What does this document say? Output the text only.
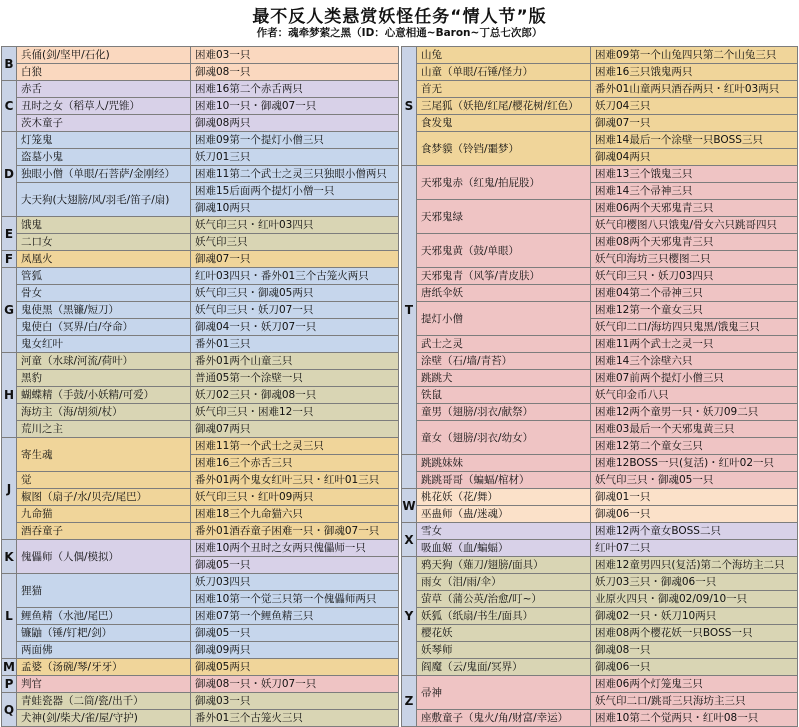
最不反人类悬赏妖怪任务“情人节”版
作者：魂牵梦萦之黑（ID：心意相通~Baron~丁总七次郎）
B	兵俑(剑/坚甲/石化)	困难03一只
	白狼	御魂08一只
C	赤舌	困难16第二个赤舌两只
	丑时之女（稻草人/咒锥）	困难10一只・御魂07一只
	茨木童子	御魂08两只
D	灯笼鬼	困难09第一个提灯小僧三只
	盗墓小鬼	妖刀01三只
	独眼小僧（单眼/石菩萨/金刚经）	困难11第二个武士之灵三只独眼小僧两只
	大天狗(大翅膀/风/羽毛/笛子/扇)	困难15后面两个提灯小僧一只
		御魂10两只
E	饿鬼	妖气印三只・红叶03四只
	二口女	妖气印三只
F	凤凰火	御魂07一只
G	管狐	红叶03四只・番外01三个古笼火两只
	骨女	妖气印三只・御魂05两只
	鬼使黑（黑镰/短刀）	妖气印三只・妖刀07一只
	鬼使白（冥界/白/夺命）	御魂04一只・妖刀07一只
	鬼女红叶	番外01三只
H	河童（水球/河流/荷叶）	番外01两个山童三只
	黑豹	普通05第一个涂壁一只
	蝴蝶精（手鼓/小妖精/可爱）	妖刀02三只・御魂08一只
	海坊主（海/胡须/杖）	妖气印三只・困难12一只
	荒川之主	御魂07两只
J	寄生魂	困难11第一个武士之灵三只
		困难16三个赤舌三只
	觉	番外01两个鬼女红叶三只・红叶01三只
	椒图（扇子/水/贝壳/尾巴）	妖气印三只・红叶09两只
	九命猫	困难18三个九命猫六只
	酒吞童子	番外01酒吞童子困难一只・御魂07一只
K	傀儡师（人偶/模拟）	困难10两个丑时之女两只傀儡师一只
		御魂05一只
L	狸猫	妖刀03四只
		困难10第一个觉三只第一个傀儡师两只
	鲤鱼精（水池/尾巴）	困难07第一个鲤鱼精三只
	镰鼬（锤/钉耙/剑）	御魂05一只
	两面佛	御魂09两只
M	孟婆（汤碗/琴/牙牙）	御魂05两只
P	判官	御魂08一只・妖刀07一只
Q	青蛙瓷器（二筒/瓷/出千）	御魂03一只
	犬神(剑/柴犬/雀/屋/守护)	番外01三个古笼火三只
S	山兔	困难09第一个山兔四只第二个山兔三只
	山童（单眼/石锤/怪力）	困难16三只饿鬼两只
	首无	番外01山童两只酒吞两只・红叶03两只
	三尾狐（妖艳/红尾/樱花树/红色）	妖刀04三只
	食发鬼	御魂07一只
	食梦貘（铃铛/噩梦）	困难14最后一个涂壁一只BOSS三只
		御魂04两只
T	天邪鬼赤（红鬼/拍屁股）	困难13三个饿鬼三只
		困难14三个帚神三只
	天邪鬼绿	困难06两个天邪鬼青三只
		妖气印樱图八只饿鬼/骨女六只跳哥四只
	天邪鬼黄（鼓/单眼）	困难08两个天邪鬼青三只
		妖气印海坊三只樱图二只
	天邪鬼青（风筝/青皮肤）	妖气印三只・妖刀03四只
	唐纸伞妖	困难04第二个帚神三只
	提灯小僧	困难12第一个童女三只
		妖气印二口/海坊四只鬼黑/饿鬼三只
	武士之灵	困难11两个武士之灵一只
	涂壁（石/墙/青苔）	困难14三个涂壁六只
	跳跳犬	困难07前两个提灯小僧三只
	铁鼠	妖气印金币八只
	童男（翅膀/羽衣/献祭）	困难12两个童男一只・妖刀09二只
	童女（翅膀/羽衣/幼女）	困难03最后一个天邪鬼黄三只
		困难12第二个童女三只
	跳跳妹妹	困难12BOSS一只(复活)・红叶02一只
	跳跳哥哥（蝙蝠/棺材）	妖气印三只・御魂05一只
W	桃花妖（花/舞）	御魂01一只
	巫蛊师（蛊/迷魂）	御魂06一只
X	雪女	困难12两个童女BOSS二只
	吸血姬（血/蝙蝠）	红叶07二只
Y	鸦天狗（薙刀/翅膀/面具）	困难12童男四只(复活)第二个海坊主二只
	雨女（泪/雨/伞）	妖刀03三只・御魂06一只
	萤草（蒲公英/治愈/叮~）	业原火四只・御魂02/09/10一只
	妖狐（纸扇/书生/面具）	御魂02一只・妖刀10两只
	樱花妖	困难08两个樱花妖一只BOSS一只
	妖琴师	御魂08一只
	阎魔（云/鬼面/冥界）	御魂06一只
Z	帚神	困难06两个灯笼鬼三只
		妖气印二口/跳哥三只海坊主三只
	座敷童子（鬼火/角/财富/幸运）	困难10第二个觉两只・红叶08一只
